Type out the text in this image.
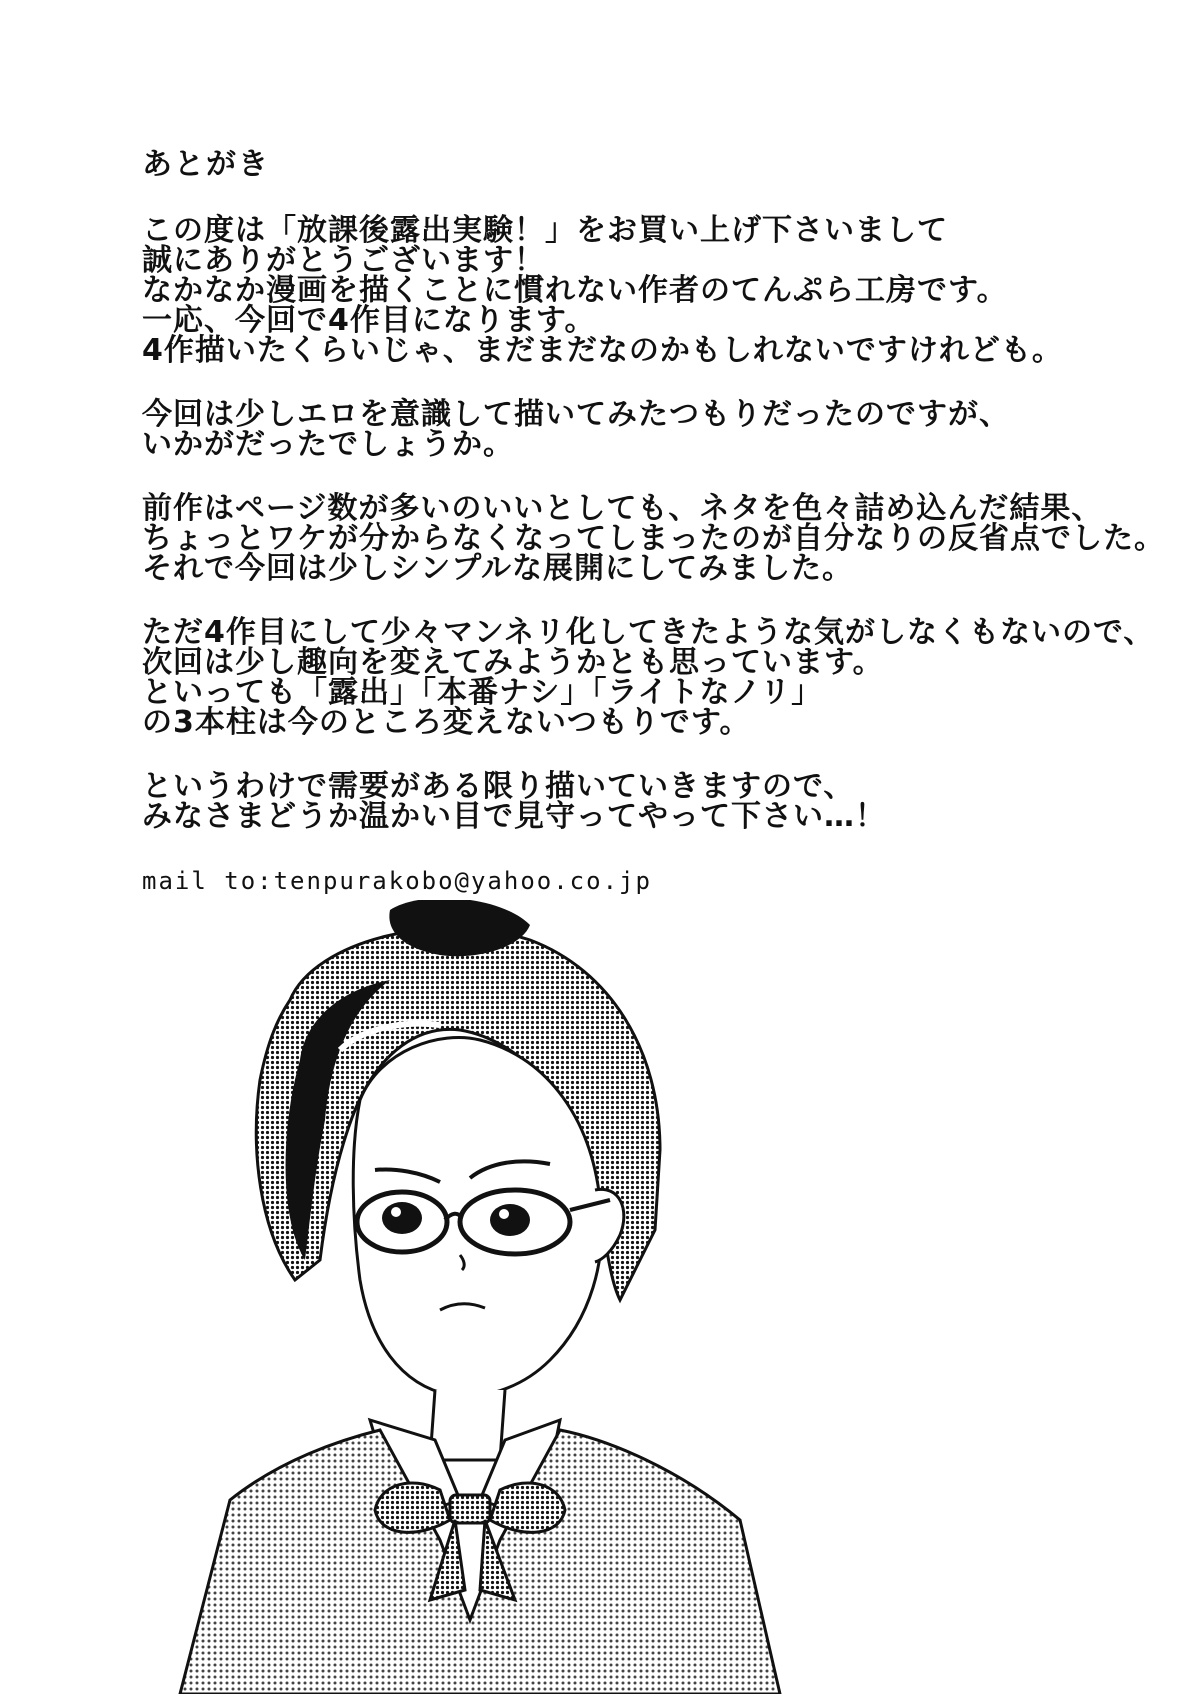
あとがき
この度は「放課後露出実験！」をお買い上げ下さいまして
誠にありがとうございます！
なかなか漫画を描くことに慣れない作者のてんぷら工房です。
一応、今回で4作目になります。
4作描いたくらいじゃ、まだまだなのかもしれないですけれども。
今回は少しエロを意識して描いてみたつもりだったのですが、
いかがだったでしょうか。
前作はページ数が多いのいいとしても、ネタを色々詰め込んだ結果、
ちょっとワケが分からなくなってしまったのが自分なりの反省点でした。
それで今回は少しシンプルな展開にしてみました。
ただ4作目にして少々マンネリ化してきたような気がしなくもないので、
次回は少し趣向を変えてみようかとも思っています。
といっても「露出」「本番ナシ」「ライトなノリ」
の3本柱は今のところ変えないつもりです。
というわけで需要がある限り描いていきますので、
みなさまどうか温かい目で見守ってやって下さい…！
mail to:tenpurakobo@yahoo.co.jp
